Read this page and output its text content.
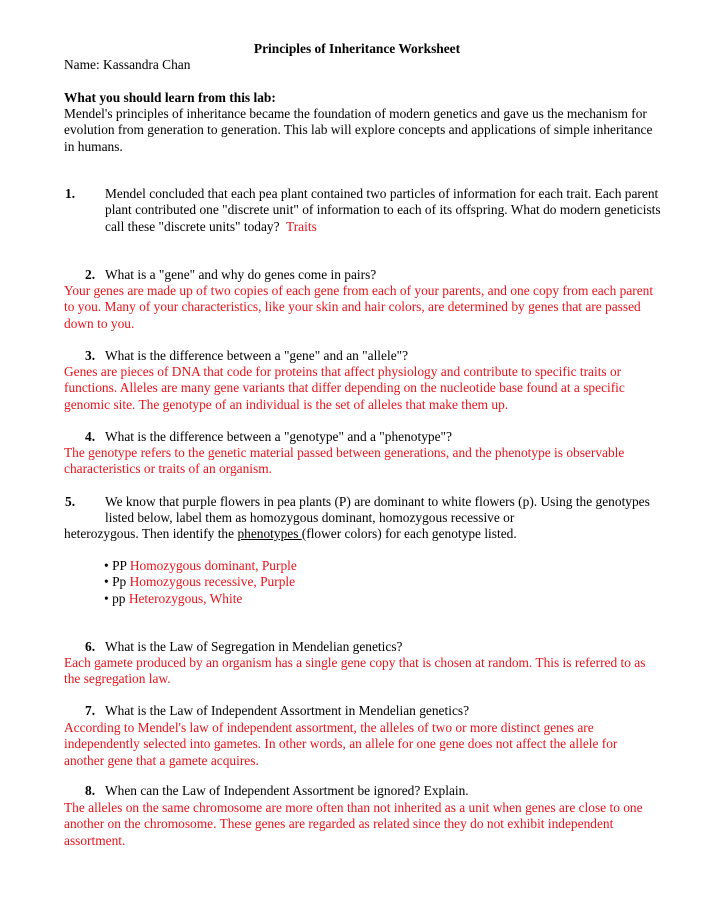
Principles of Inheritance Worksheet
Name: Kassandra Chan
What you should learn from this lab:
Mendel's principles of inheritance became the foundation of modern genetics and gave us the mechanism for evolution from generation to generation. This lab will explore concepts and applications of simple inheritance in humans.
1. Mendel concluded that each pea plant contained two particles of information for each trait. Each parent plant contributed one "discrete unit" of information to each of its offspring. What do modern geneticists call these "discrete units" today? Traits
2. What is a "gene" and why do genes come in pairs?
Your genes are made up of two copies of each gene from each of your parents, and one copy from each parent to you. Many of your characteristics, like your skin and hair colors, are determined by genes that are passed down to you.
3. What is the difference between a "gene" and an "allele"?
Genes are pieces of DNA that code for proteins that affect physiology and contribute to specific traits or functions. Alleles are many gene variants that differ depending on the nucleotide base found at a specific genomic site. The genotype of an individual is the set of alleles that make them up.
4. What is the difference between a "genotype" and a "phenotype"?
The genotype refers to the genetic material passed between generations, and the phenotype is observable characteristics or traits of an organism.
5. We know that purple flowers in pea plants (P) are dominant to white flowers (p). Using the genotypes listed below, label them as homozygous dominant, homozygous recessive or
heterozygous. Then identify the phenotypes (flower colors) for each genotype listed.
• PP Homozygous dominant, Purple
• Pp Homozygous recessive, Purple
• pp Heterozygous, White
6. What is the Law of Segregation in Mendelian genetics?
Each gamete produced by an organism has a single gene copy that is chosen at random. This is referred to as the segregation law.
7. What is the Law of Independent Assortment in Mendelian genetics?
According to Mendel's law of independent assortment, the alleles of two or more distinct genes are independently selected into gametes. In other words, an allele for one gene does not affect the allele for another gene that a gamete acquires.
8. When can the Law of Independent Assortment be ignored? Explain.
The alleles on the same chromosome are more often than not inherited as a unit when genes are close to one another on the chromosome. These genes are regarded as related since they do not exhibit independent assortment.
